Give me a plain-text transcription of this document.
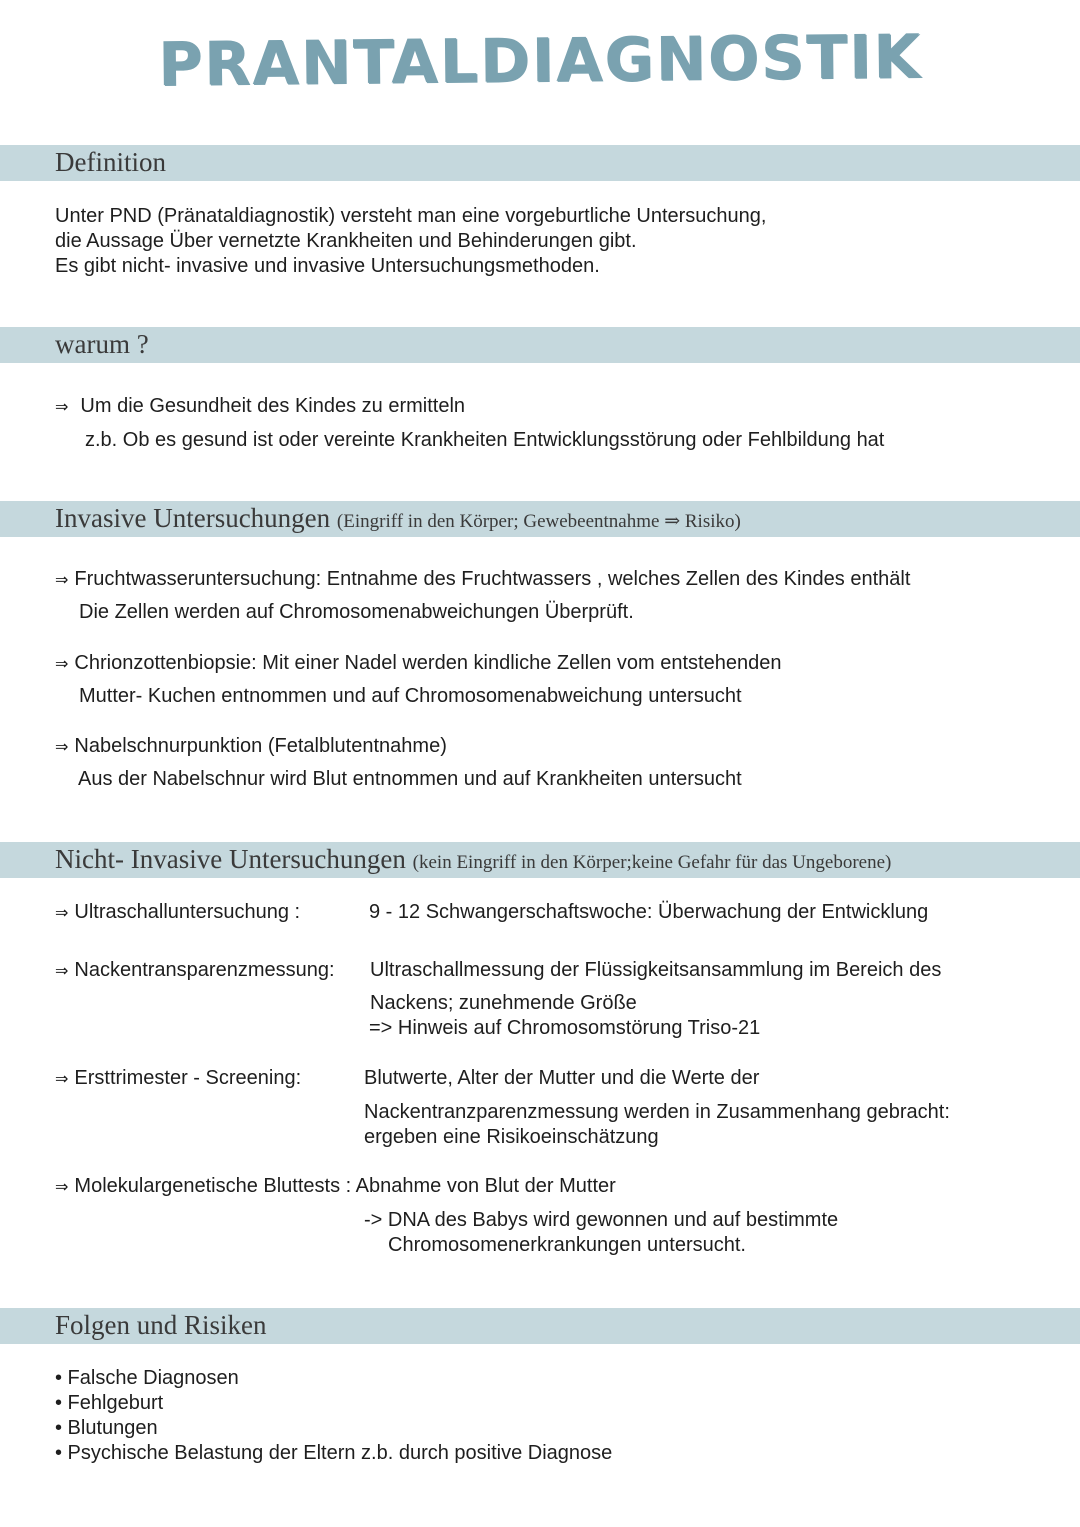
PRANTALDIAGNOSTIK
Definition
Unter PND (Pränataldiagnostik) versteht man eine vorgeburtliche Untersuchung,
die Aussage Über vernetzte Krankheiten und Behinderungen gibt.
Es gibt nicht- invasive und invasive Untersuchungsmethoden.
warum ?
⇒ Um die Gesundheit des Kindes zu ermitteln
z.b. Ob es gesund ist oder vereinte Krankheiten Entwicklungsstörung oder Fehlbildung hat
Invasive Untersuchungen (Eingriff in den Körper; Gewebeentnahme ⇒ Risiko)
⇒ Fruchtwasseruntersuchung: Entnahme des Fruchtwassers , welches Zellen des Kindes enthält
Die Zellen werden auf Chromosomenabweichungen Überprüft.
⇒ Chrionzottenbiopsie: Mit einer Nadel werden kindliche Zellen vom entstehenden
Mutter- Kuchen entnommen und auf Chromosomenabweichung untersucht
⇒ Nabelschnurpunktion (Fetalblutentnahme)
Aus der Nabelschnur wird Blut entnommen und auf Krankheiten untersucht
Nicht- Invasive Untersuchungen (kein Eingriff in den Körper;keine Gefahr für das Ungeborene)
⇒ Ultraschalluntersuchung :	9 - 12 Schwangerschaftswoche: Überwachung der Entwicklung
⇒ Nackentransparenzmessung: Ultraschallmessung der Flüssigkeitsansammlung im Bereich des
Nackens; zunehmende Größe
=> Hinweis auf Chromosomstörung Triso-21
⇒ Ersttrimester - Screening:	Blutwerte, Alter der Mutter und die Werte der
Nackentranzparenzmessung werden in Zusammenhang gebracht:
ergeben eine Risikoeinschätzung
⇒ Molekulargenetische Bluttests : Abnahme von Blut der Mutter
-> DNA des Babys wird gewonnen und auf bestimmte
Chromosomenerkrankungen untersucht.
Folgen und Risiken
• Falsche Diagnosen
• Fehlgeburt
• Blutungen
• Psychische Belastung der Eltern z.b. durch positive Diagnose
